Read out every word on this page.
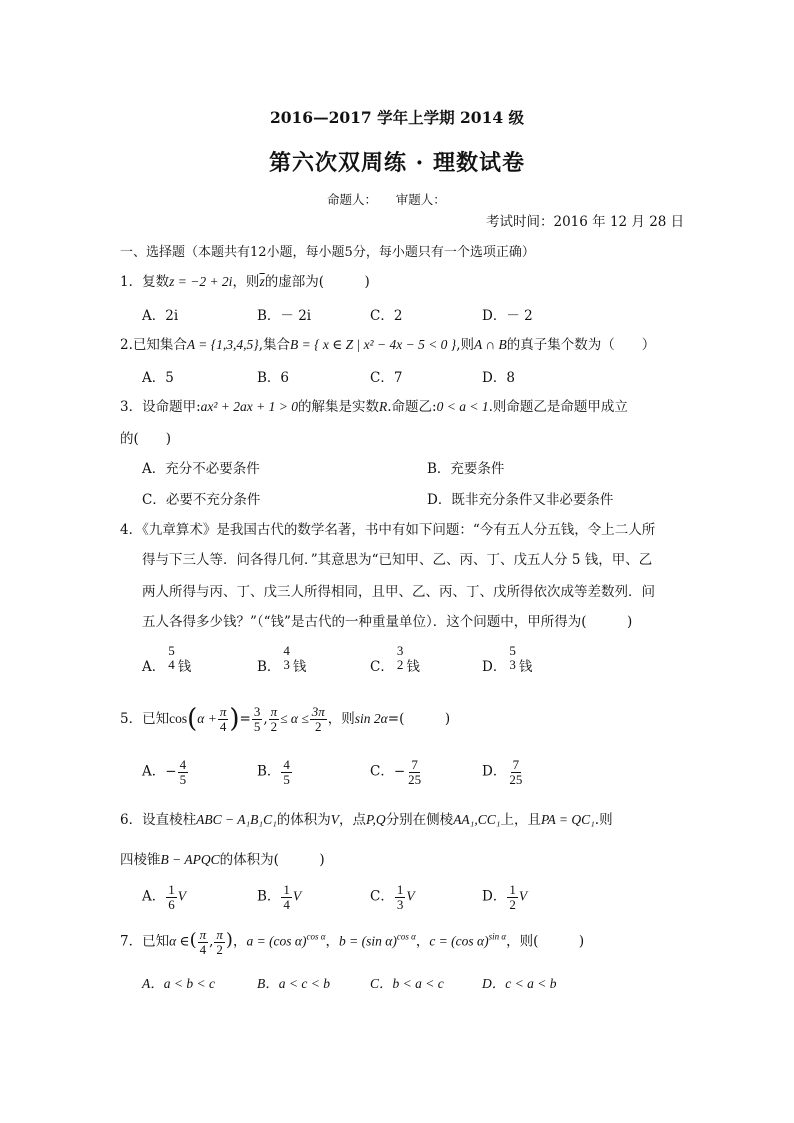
2016—2017 学年上学期 2014 级
第六次双周练 · 理数试卷
命题人：　　审题人：
考试时间：2016 年 12 月 28 日
一、选择题（本题共有12小题，每小题5分，每小题只有一个选项正确）
1．复数z = −2 + 2i，则$\overline{z}$的虚部为(　　　)
A．2i	B．－ 2i	C．2	D．－ 2
2.已知集合A = {1,3,4,5},集合B = { x ∈ Z | x² − 4x − 5 < 0 },则A ∩ B的真子集个数为（　　）
A．5	B．6	C．7	D．8
3．设命题甲:ax² + 2ax + 1 > 0的解集是实数R.命题乙:0 < a < 1.则命题乙是命题甲成立
的(　　)
A．充分不必要条件	B．充要条件
C．必要不充分条件	D．既非充分条件又非必要条件
4．《九章算术》是我国古代的数学名著，书中有如下问题：“今有五人分五钱，令上二人所
得与下三人等．问各得几何．”其意思为“已知甲、乙、丙、丁、戊五人分 5 钱，甲、乙
两人所得与丙、丁、戊三人所得相同，且甲、乙、丙、丁、戊所得依次成等差数列．问
五人各得多少钱？”（“钱”是古代的一种重量单位）．这个问题中，甲所得为(　　　)
A．
5
4 钱	B．
4
3 钱	C．
3
2 钱	D．
5
3 钱
5．已知$\cos(\alpha + \frac{\pi}{4}$ )= $\frac{3}{5}$ , $\frac{\pi}{2} \le \alpha \le \frac{3\pi}{2}$ ，则sin 2α=(　　　)
A．− $\frac{4}{5}$	B． $\frac{4}{5}$	C．− $\frac{7}{25}$	D． $\frac{7}{25}$
6．设直棱柱ABC − A₁B₁C₁的体积为V，点P,Q分别在侧棱AA₁,CC₁上，且PA = QC₁.则
四棱锥B − APQC的体积为(　　　)
A． $\frac{1}{6}$ V	B． $\frac{1}{4}$ V	C． $\frac{1}{3}$ V	D． $\frac{1}{2}$ V
7．已知α ∈( $\frac{\pi}{4}$ , $\frac{\pi}{2}$ )，a = (cos α)$^{cos \alpha}$，b = (sin α)$^{cos \alpha}$，c = (cos α)$^{sin \alpha}$，则(　　　)
A．a < b < c	B．a < c < b	C．b < a < c	D．c < a < b
